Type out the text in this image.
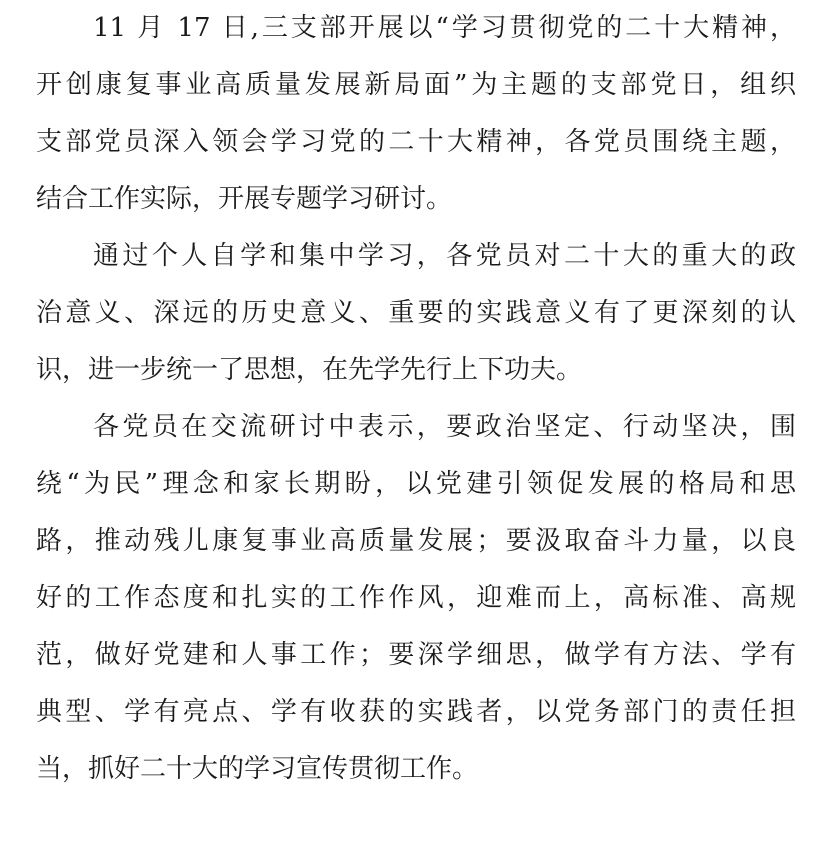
11 月 17 日,三支部开展以“学习贯彻党的二十大精神，
开创康复事业高质量发展新局面”为主题的支部党日，组织
支部党员深入领会学习党的二十大精神，各党员围绕主题，
结合工作实际，开展专题学习研讨。
通过个人自学和集中学习，各党员对二十大的重大的政
治意义、深远的历史意义、重要的实践意义有了更深刻的认
识，进一步统一了思想，在先学先行上下功夫。
各党员在交流研讨中表示，要政治坚定、行动坚决，围
绕“为民”理念和家长期盼，以党建引领促发展的格局和思
路，推动残儿康复事业高质量发展；要汲取奋斗力量，以良
好的工作态度和扎实的工作作风，迎难而上，高标准、高规
范，做好党建和人事工作；要深学细思，做学有方法、学有
典型、学有亮点、学有收获的实践者，以党务部门的责任担
当，抓好二十大的学习宣传贯彻工作。
